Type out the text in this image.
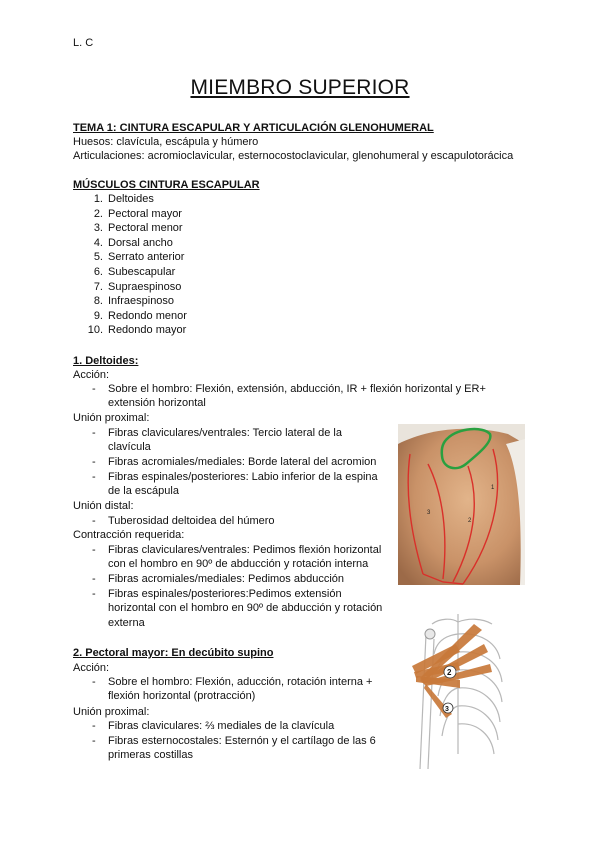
L. C
MIEMBRO SUPERIOR
TEMA 1: CINTURA ESCAPULAR Y ARTICULACIÓN GLENOHUMERAL
Huesos: clavícula, escápula y húmero
Articulaciones: acromioclavicular, esternocostoclavicular, glenohumeral y escapulotorácica
MÚSCULOS CINTURA ESCAPULAR
1. Deltoides
2. Pectoral mayor
3. Pectoral menor
4. Dorsal ancho
5. Serrato anterior
6. Subescapular
7. Supraespinoso
8. Infraespinoso
9. Redondo menor
10. Redondo mayor
1. Deltoides:
Acción:
- Sobre el hombro: Flexión, extensión, abducción, IR + flexión horizontal y ER+
extensión horizontal
Unión proximal:
- Fibras claviculares/ventrales: Tercio lateral de la
clavícula
- Fibras acromiales/mediales: Borde lateral del acromion
- Fibras espinales/posteriores: Labio inferior de la espina
de la escápula
Unión distal:
- Tuberosidad deltoidea del húmero
Contracción requerida:
- Fibras claviculares/ventrales: Pedimos flexión horizontal
con el hombro en 90º de abducción y rotación interna
- Fibras acromiales/mediales: Pedimos abducción
- Fibras espinales/posteriores:Pedimos extensión
horizontal con el hombro en 90º de abducción y rotación
externa
1
2
3
2. Pectoral mayor: En decúbito supino
Acción:
- Sobre el hombro: Flexión, aducción, rotación interna +
flexión horizontal (protracción)
Unión proximal:
- Fibras claviculares: ⅔ mediales de la clavícula
- Fibras esternocostales: Esternón y el cartílago de las 6
primeras costillas
2
3
